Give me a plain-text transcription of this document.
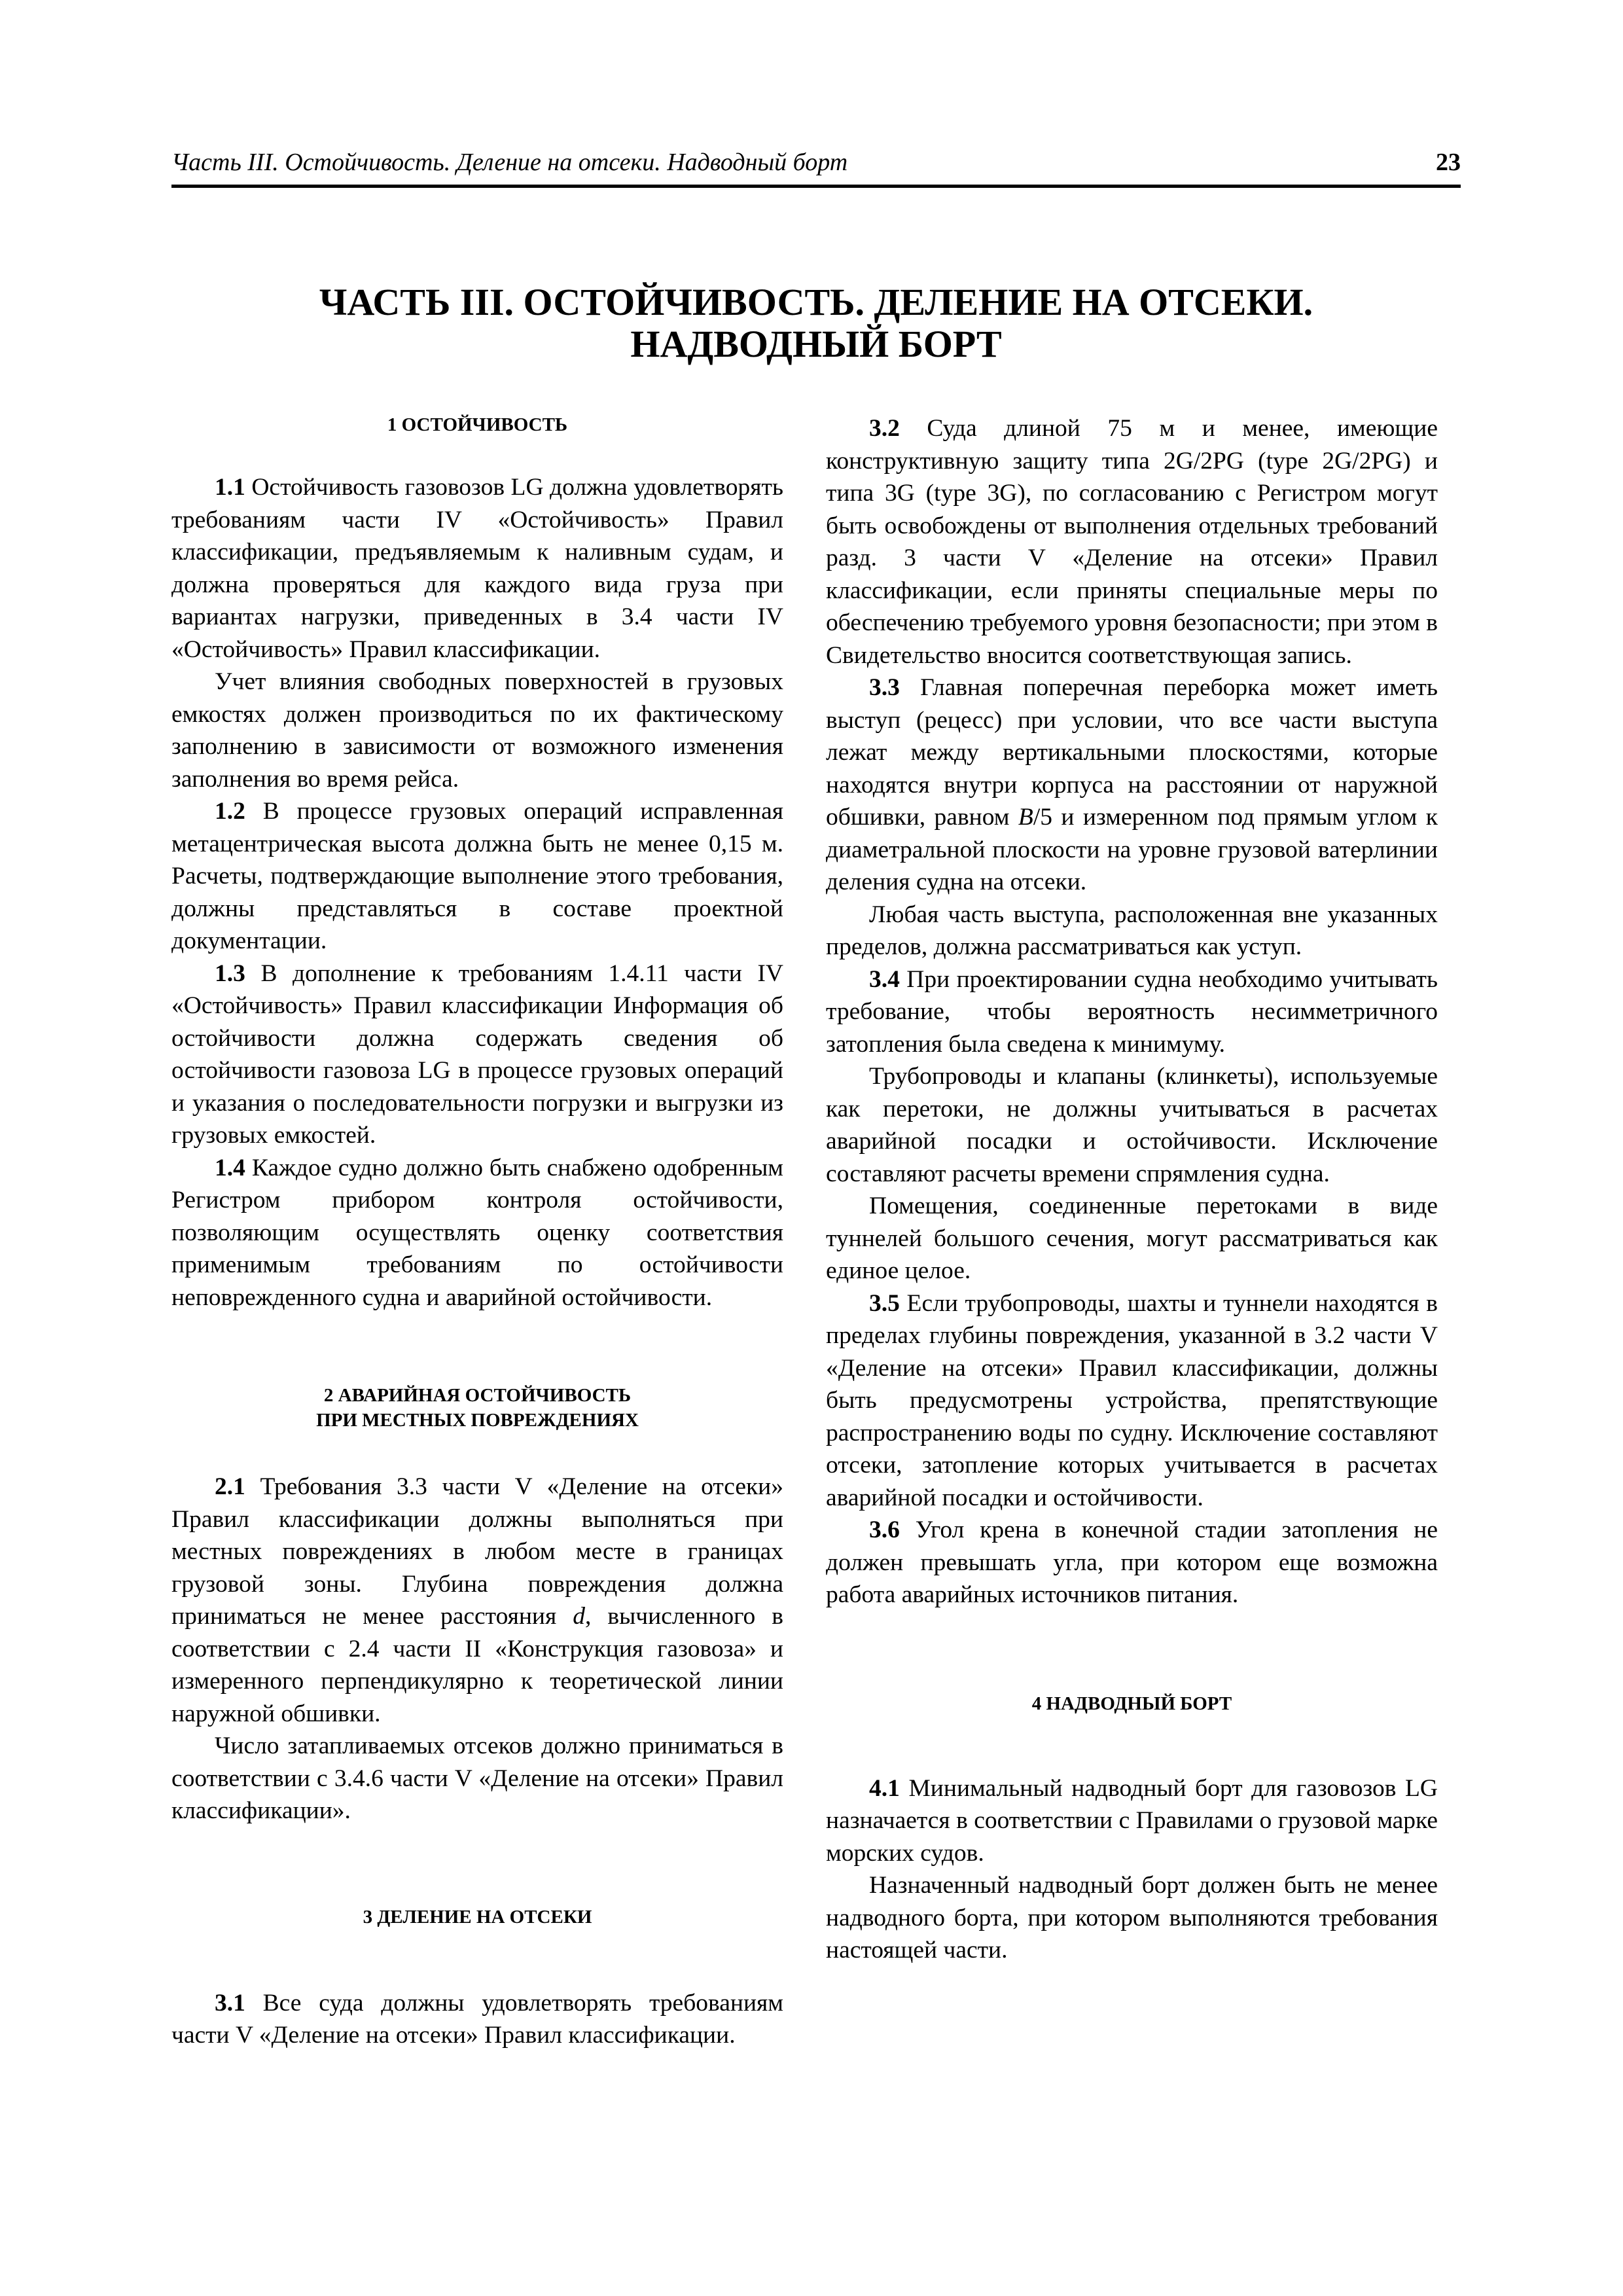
Часть III. Остойчивость. Деление на отсеки. Надводный борт	23
ЧАСТЬ III. ОСТОЙЧИВОСТЬ. ДЕЛЕНИЕ НА ОТСЕКИ.
НАДВОДНЫЙ БОРТ
1 ОСТОЙЧИВОСТЬ

1.1 Остойчивость газовозов LG должна удовлетворять требованиям части IV «Остойчивость» Правил классификации, предъявляемым к наливным судам, и должна проверяться для каждого вида груза при вариантах нагрузки, приведенных в 3.4 части IV «Остойчивость» Правил классификации.

Учет влияния свободных поверхностей в грузовых емкостях должен производиться по их фактическому заполнению в зависимости от возможного изменения заполнения во время рейса.

1.2 В процессе грузовых операций исправленная метацентрическая высота должна быть не менее 0,15 м. Расчеты, подтверждающие выполнение этого требования, должны представляться в составе проектной документации.

1.3 В дополнение к требованиям 1.4.11 части IV «Остойчивость» Правил классификации Информация об остойчивости должна содержать сведения об остойчивости газовоза LG в процессе грузовых операций и указания о последовательности погрузки и выгрузки из грузовых емкостей.

1.4 Каждое судно должно быть снабжено одобренным Регистром прибором контроля остойчивости, позволяющим осуществлять оценку соответствия применимым требованиям по остойчивости неповрежденного судна и аварийной остойчивости.

2 АВАРИЙНАЯ ОСТОЙЧИВОСТЬ
ПРИ МЕСТНЫХ ПОВРЕЖДЕНИЯХ

2.1 Требования 3.3 части V «Деление на отсеки» Правил классификации должны выполняться при местных повреждениях в любом месте в границах грузовой зоны. Глубина повреждения должна приниматься не менее расстояния d, вычисленного в соответствии с 2.4 части II «Конструкция газовоза» и измеренного перпендикулярно к теоретической линии наружной обшивки.

Число затапливаемых отсеков должно приниматься в соответствии с 3.4.6 части V «Деление на отсеки» Правил классификации».

3 ДЕЛЕНИЕ НА ОТСЕКИ

3.1 Все суда должны удовлетворять требованиям части V «Деление на отсеки» Правил классификации.

3.2 Суда длиной 75 м и менее, имеющие конструктивную защиту типа 2G/2PG (type 2G/2PG) и типа 3G (type 3G), по согласованию с Регистром могут быть освобождены от выполнения отдельных требований разд. 3 части V «Деление на отсеки» Правил классификации, если приняты специальные меры по обеспечению требуемого уровня безопасности; при этом в Свидетельство вносится соответствующая запись.

3.3 Главная поперечная переборка может иметь выступ (рецесс) при условии, что все части выступа лежат между вертикальными плоскостями, которые находятся внутри корпуса на расстоянии от наружной обшивки, равном B/5 и измеренном под прямым углом к диаметральной плоскости на уровне грузовой ватерлинии деления судна на отсеки.

Любая часть выступа, расположенная вне указанных пределов, должна рассматриваться как уступ.

3.4 При проектировании судна необходимо учитывать требование, чтобы вероятность несимметричного затопления была сведена к минимуму.

Трубопроводы и клапаны (клинкеты), используемые как перетоки, не должны учитываться в расчетах аварийной посадки и остойчивости. Исключение составляют расчеты времени спрямления судна.

Помещения, соединенные перетоками в виде туннелей большого сечения, могут рассматриваться как единое целое.

3.5 Если трубопроводы, шахты и туннели находятся в пределах глубины повреждения, указанной в 3.2 части V «Деление на отсеки» Правил классификации, должны быть предусмотрены устройства, препятствующие распространению воды по судну. Исключение составляют отсеки, затопление которых учитывается в расчетах аварийной посадки и остойчивости.

3.6 Угол крена в конечной стадии затопления не должен превышать угла, при котором еще возможна работа аварийных источников питания.

4 НАДВОДНЫЙ БОРТ

4.1 Минимальный надводный борт для газовозов LG назначается в соответствии с Правилами о грузовой марке морских судов.

Назначенный надводный борт должен быть не менее надводного борта, при котором выполняются требования настоящей части.
